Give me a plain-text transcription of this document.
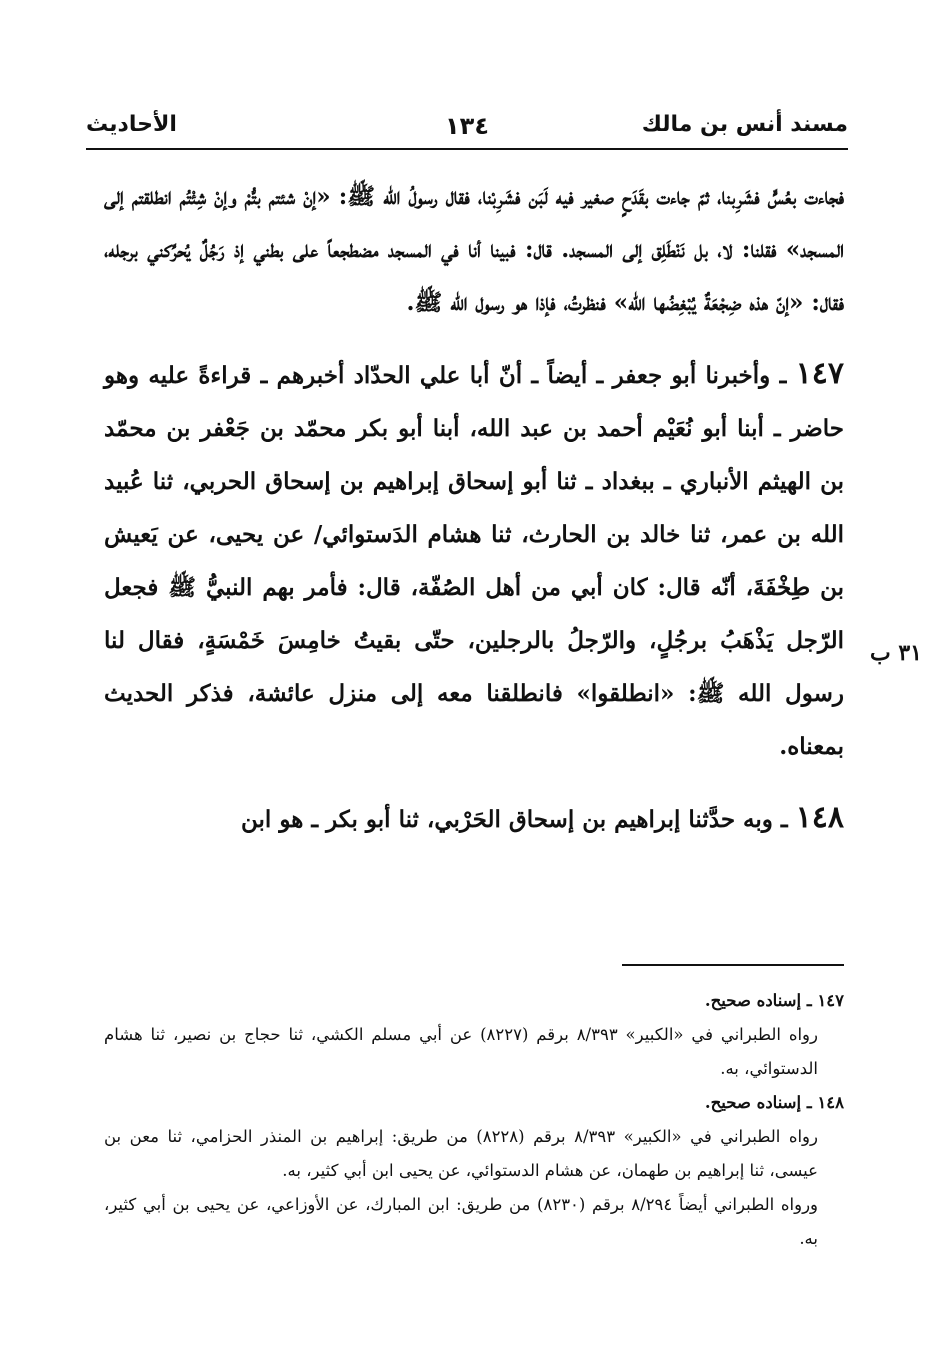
مسند أنس بن مالك
١٣٤
الأحاديث

فجاءت بعُسٍّ فشَرِبنا، ثمّ جاءت بقَدَحٍ صغير فيه لَبَن فشَرِبْنا، فقال رسولُ الله ﷺ: «إنْ شئتم بتُّمْ وإنْ شِئْتُم انطلقتم إلى المسجد» فقلنا: لا، بل نَنْطَلِق إلى المسجد. قال: فبينا أنا في المسجد مضطجعاً على بطني إذ رَجُلٌ يُحرِّكني برجله، فقال: «إنّ هذه ضِجْعَةٌ يُبْغِضُها الله» فنظرتُ، فإذا هو رسول الله ﷺ.

١٤٧ ـ وأخبرنا أبو جعفر ـ أيضاً ـ أنّ أبا علي الحدّاد أخبرهم ـ قراءةً عليه وهو حاضر ـ أبنا أبو نُعَيْم أحمد بن عبد الله، أبنا أبو بكر محمّد بن جَعْفر بن محمّد بن الهيثم الأنباري ـ ببغداد ـ ثنا أبو إسحاق إبراهيم بن إسحاق الحربي، ثنا عُبيد الله بن عمر، ثنا خالد بن الحارث، ثنا هشام الدَستوائي/ عن يحيى، عن يَعيش بن طِخْفَةَ، أنّه قال: كان أبي من أهل الصُفّة، قال: فأمر بهم النبيُّ ﷺ فجعل الرّجل يَذْهَبُ برجُلٍ، والرّجلُ بالرجلين، حتّى بقيتُ خامِسَ خَمْسَةٍ، فقال لنا رسول الله ﷺ: «انطلقوا» فانطلقنا معه إلى منزل عائشة، فذكر الحديث بمعناه.

١٤٨ ـ وبه حدَّثنا إبراهيم بن إسحاق الحَرْبي، ثنا أبو بكر ـ هو ابن

٣١ ب

١٤٧ ـ إسناده صحيح.

رواه الطبراني في «الكبير» ٨/٣٩٣ برقم (٨٢٢٧) عن أبي مسلم الكشي، ثنا حجاج بن نصير، ثنا هشام الدستوائي، به.

١٤٨ ـ إسناده صحيح.

رواه الطبراني في «الكبير» ٨/٣٩٣ برقم (٨٢٢٨) من طريق: إبراهيم بن المنذر الحزامي، ثنا معن بن عيسى، ثنا إبراهيم بن طهمان، عن هشام الدستوائي، عن يحيى ابن أبي كثير، به.

ورواه الطبراني أيضاً ٨/٢٩٤ برقم (٨٢٣٠) من طريق: ابن المبارك، عن الأوزاعي، عن يحيى بن أبي كثير، به.
